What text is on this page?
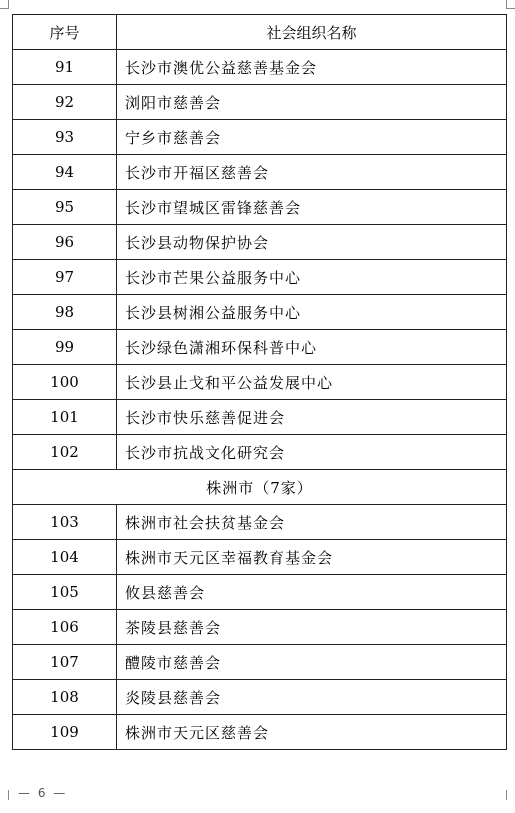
序号	社会组织名称
91	长沙市澳优公益慈善基金会
92	浏阳市慈善会
93	宁乡市慈善会
94	长沙市开福区慈善会
95	长沙市望城区雷锋慈善会
96	长沙县动物保护协会
97	长沙市芒果公益服务中心
98	长沙县树湘公益服务中心
99	长沙绿色潇湘环保科普中心
100	长沙县止戈和平公益发展中心
101	长沙市快乐慈善促进会
102	长沙市抗战文化研究会
株洲市（7家）	
103	株洲市社会扶贫基金会
104	株洲市天元区幸福教育基金会
105	攸县慈善会
106	茶陵县慈善会
107	醴陵市慈善会
108	炎陵县慈善会
109	株洲市天元区慈善会
— 6 —
